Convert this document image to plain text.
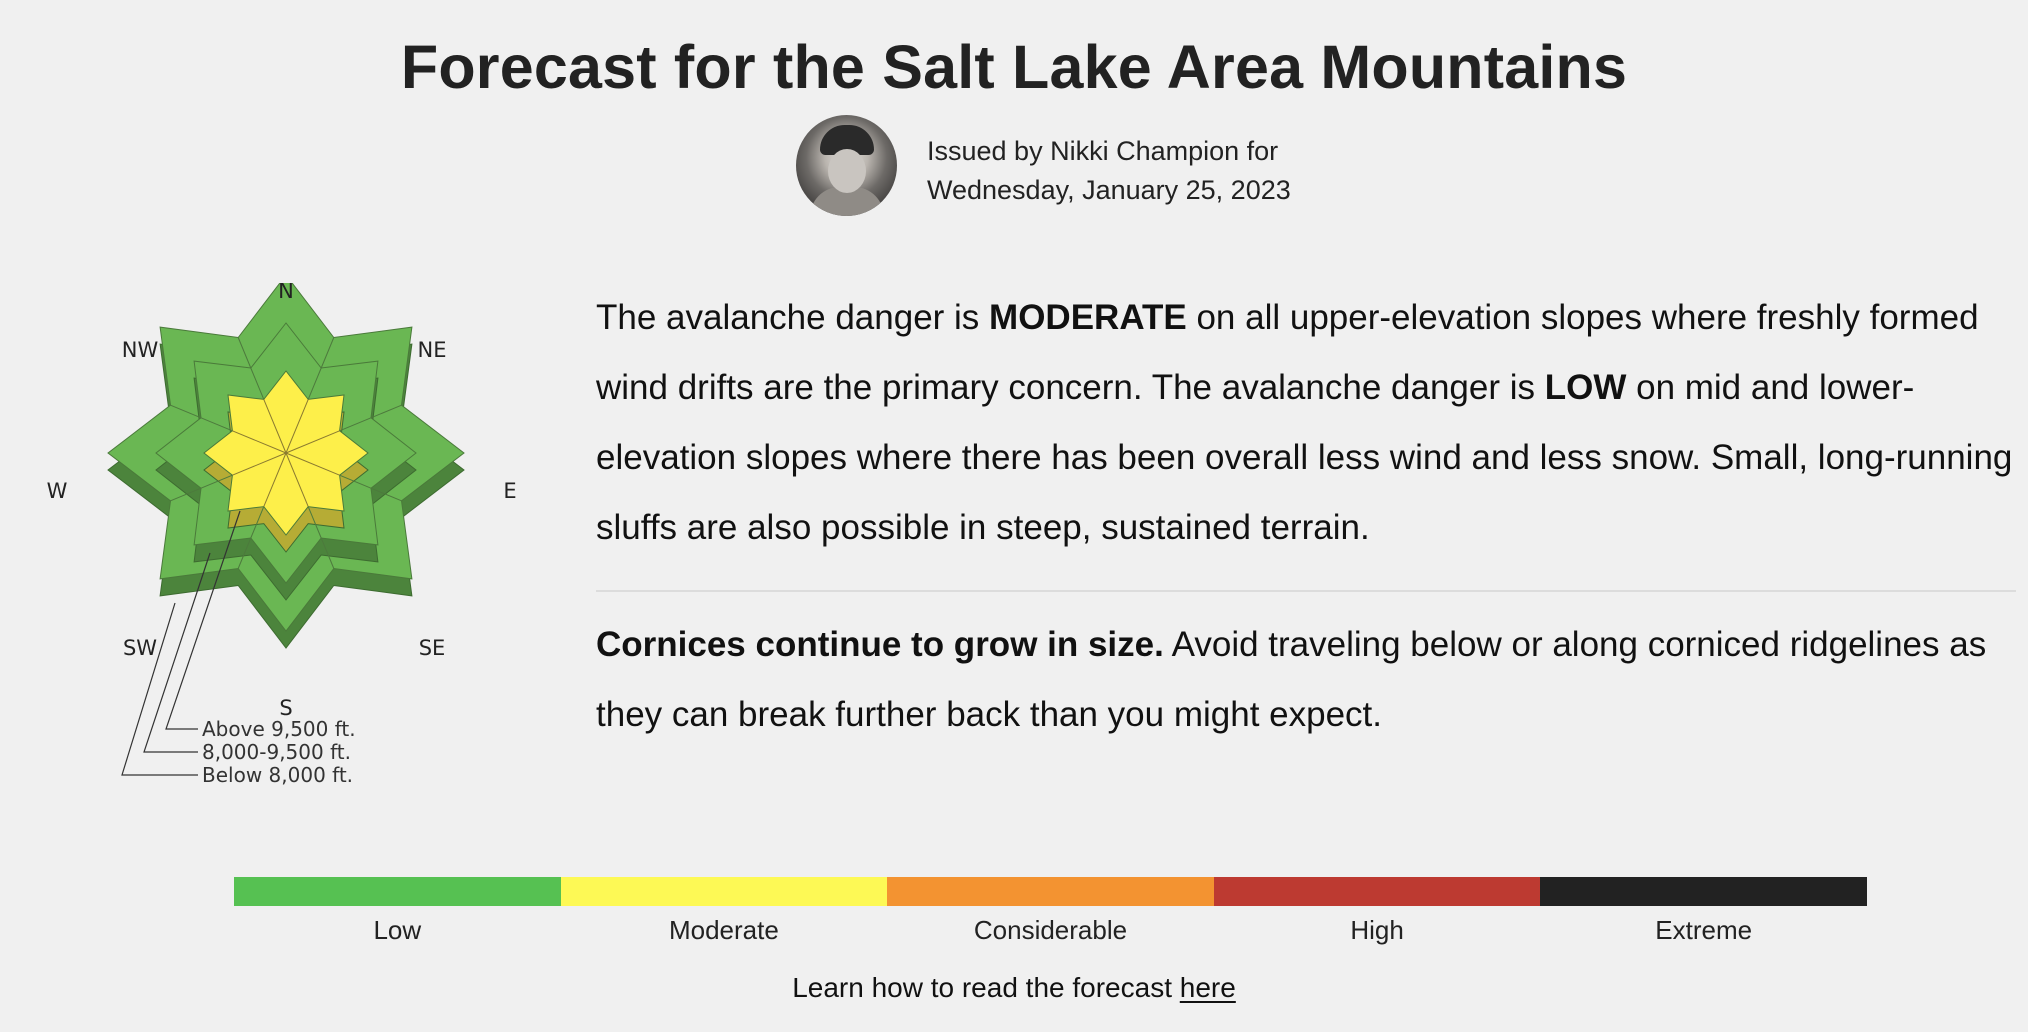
Forecast for the Salt Lake Area Mountains
Issued by Nikki Champion for
Wednesday, January 25, 2023
N
NE
E
SE
S
SW
W
NW
Above 9,500 ft.
8,000-9,500 ft.
Below 8,000 ft.

The avalanche danger is MODERATE on all upper-elevation slopes where freshly formed wind drifts are the primary concern. The avalanche danger is LOW on mid and lower-elevation slopes where there has been overall less wind and less snow. Small, long-running sluffs are also possible in steep, sustained terrain.

Cornices continue to grow in size. Avoid traveling below or along corniced ridgelines as they can break further back than you might expect.
Low	Moderate	Considerable	High	Extreme
Learn how to read the forecast here
